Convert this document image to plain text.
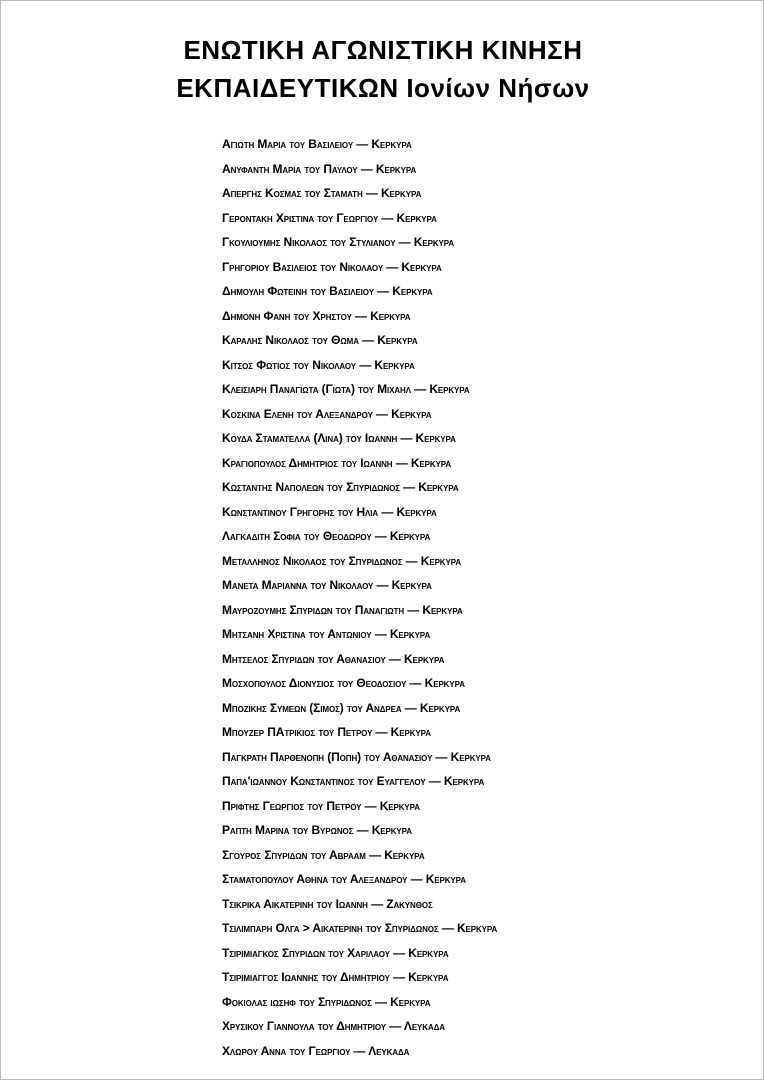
ΕΝΩΤΙΚΗ ΑΓΩΝΙΣΤΙΚΗ ΚΙΝΗΣΗ
ΕΚΠΑΙΔΕΥΤΙΚΩΝ Ιονίων Νήσων
Αγιωτη Μαρια του Βασιλειου — Κερκυρα
Ανυφαντη Μαρια του Παυλου — Κερκυρα
Απεργης Κοσμας του Σταματη — Κερκυρα
Γεροντακη Χριστινα του Γεωργιου — Κερκυρα
Γκουλιουμης Νικολαος του Στυλιανου — Κερκυρα
Γρηγοριου Βασιλειος του Νικολαου — Κερκυρα
Δημουλη Φωτεινη του Βασιλειου — Κερκυρα
Δημονη Φανη του Χρηστου — Κερκυρα
Καραλης Νικολαος του Θωμα — Κερκυρα
Κιτσος Φωτιος του Νικολαου — Κερκυρα
Κλεισιαρη Παναγιωτα (Γιωτα) του Μιχαηλ — Κερκυρα
Κοσκινα Ελενη του Αλεξανδρου — Κερκυρα
Κουδα Σταματελλα (Λινα) του Ιωαννη — Κερκυρα
Κραγιοπουλος Δημητριος του Ιωαννη — Κερκυρα
Κωσταντης Ναπολεων του Σπυριδωνος — Κερκυρα
Κωνσταντινου Γρηγορης του Ηλια — Κερκυρα
Λαγκαδιτη Σοφια του Θεοδωρου — Κερκυρα
Μεταλληνος Νικολαος του Σπυριδωνος — Κερκυρα
Μανετα Μαριαννα του Νικολαου — Κερκυρα
Μαυροζουμης Σπυριδων του Παναγιωτη — Κερκυρα
Μητσανη Χριστινα του Αντωνιου — Κερκυρα
Μητσελος Σπυριδων του Αθανασιου — Κερκυρα
Μοσχοπουλος Διονυσιος του Θεοδοσιου — Κερκυρα
Μποζικης Συμεων (Σιμος) του Ανδρεα — Κερκυρα
Μπουζερ ΠΑτρικιος του Πετρου — Κερκυρα
Παγκρατη Παρθενοπη (Ποπη) του Αθανασιου — Κερκυρα
Παπα'ιωαννου Κωνσταντινος του Ευαγγελου — Κερκυρα
Πριφτης Γεωργιος του Πετρου — Κερκυρα
Ραπτη Μαρινα του Βυρωνος — Κερκυρα
Σγουρος Σπυριδων του Αβρααμ — Κερκυρα
Σταματοπουλου Αθηνα του Αλεξανδρου — Κερκυρα
Τσικρικα Αικατερινη του Ιωαννη — Ζακυνθος
Τσιλιμπαρη Ολγα > Αικατερινη του Σπυριδωνος — Κερκυρα
Τσιριμιαγκος Σπυριδων του Χαριλαου — Κερκυρα
Τσιριμιαγγος Ιωαννης του Δημητριου — Κερκυρα
Φοκιολας ιωσηφ του Σπυριδωνος — Κερκυρα
Χρυσικου Γιαννουλα του Δημητριου — Λευκαδα
Χλωρου Αννα του Γεωργιου — Λευκαδα
